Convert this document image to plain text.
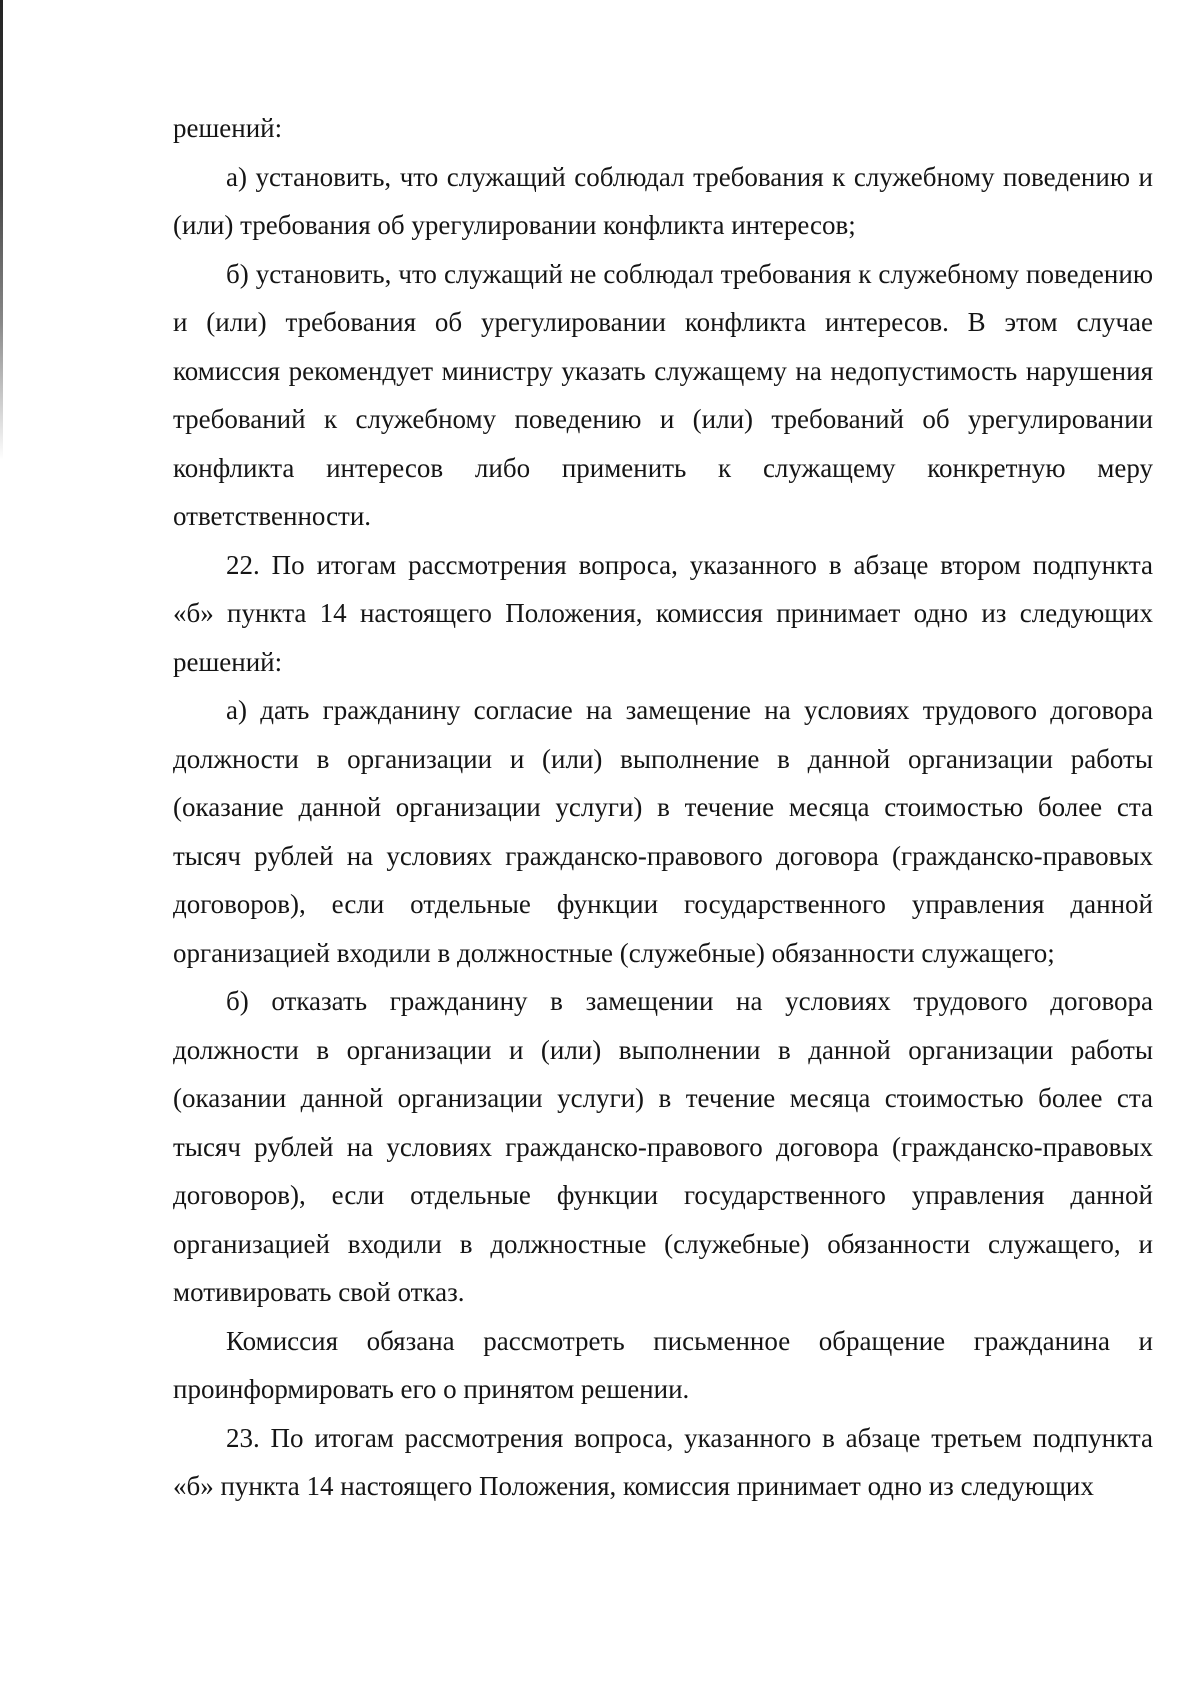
решений:

а) установить, что служащий соблюдал требования к служебному поведению и (или) требования об урегулировании конфликта интересов;

б) установить, что служащий не соблюдал требования к служебному поведению и (или) требования об урегулировании конфликта интересов. В этом случае комиссия рекомендует министру указать служащему на недопустимость нарушения требований к служебному поведению и (или) требований об урегулировании конфликта интересов либо применить к служащему конкретную меру ответственности.

22. По итогам рассмотрения вопроса, указанного в абзаце втором подпункта «б» пункта 14 настоящего Положения, комиссия принимает одно из следующих решений:

а) дать гражданину согласие на замещение на условиях трудового договора должности в организации и (или) выполнение в данной организации работы (оказание данной организации услуги) в течение месяца стоимостью более ста тысяч рублей на условиях гражданско-правового договора (гражданско-правовых договоров), если отдельные функции государственного управления данной организацией входили в должностные (служебные) обязанности служащего;

б) отказать гражданину в замещении на условиях трудового договора должности в организации и (или) выполнении в данной организации работы (оказании данной организации услуги) в течение месяца стоимостью более ста тысяч рублей на условиях гражданско-правового договора (гражданско-правовых договоров), если отдельные функции государственного управления данной организацией входили в должностные (служебные) обязанности служащего, и мотивировать свой отказ.

Комиссия обязана рассмотреть письменное обращение гражданина и проинформировать его о принятом решении.

23. По итогам рассмотрения вопроса, указанного в абзаце третьем подпункта «б» пункта 14 настоящего Положения, комиссия принимает одно из следующих
